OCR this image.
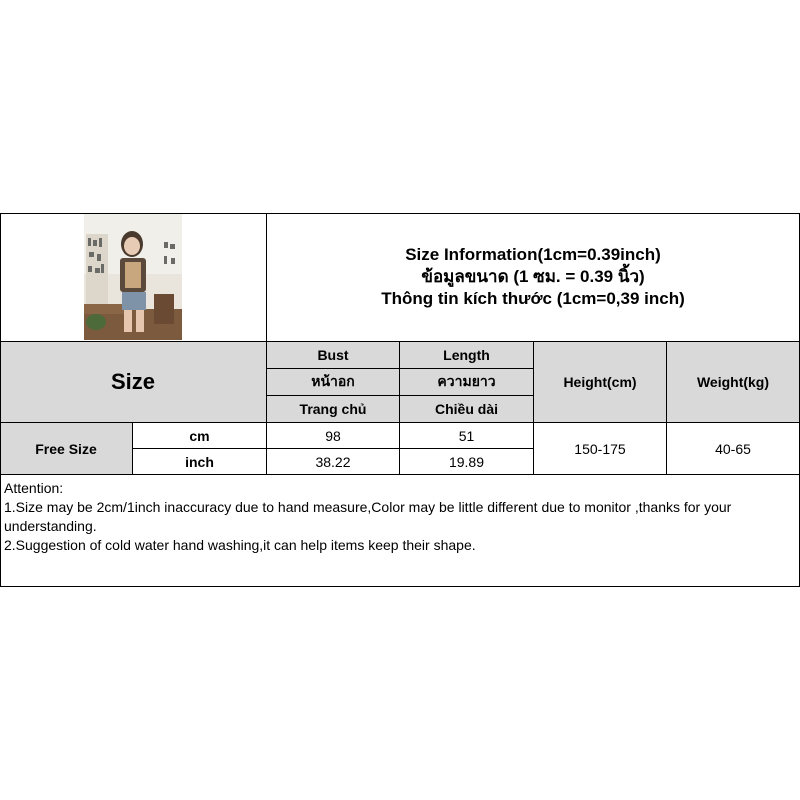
Size Information(1cm=0.39inch)
ข้อมูลขนาด (1 ซม. = 0.39 นิ้ว)
Thông tin kích thước (1cm=0,39 inch)
Size
Bust
หน้าอก
Trang chủ
Length
ความยาว
Chiều dài
Height(cm)	Weight(kg)
Free Size
cm
inch
98
38.22
51
19.89
150-175	40-65
Attention:
1.Size may be 2cm/1inch inaccuracy due to hand measure,Color may be little different due to monitor ,thanks for your understanding.
2.Suggestion of cold water hand washing,it can help items keep their shape.
